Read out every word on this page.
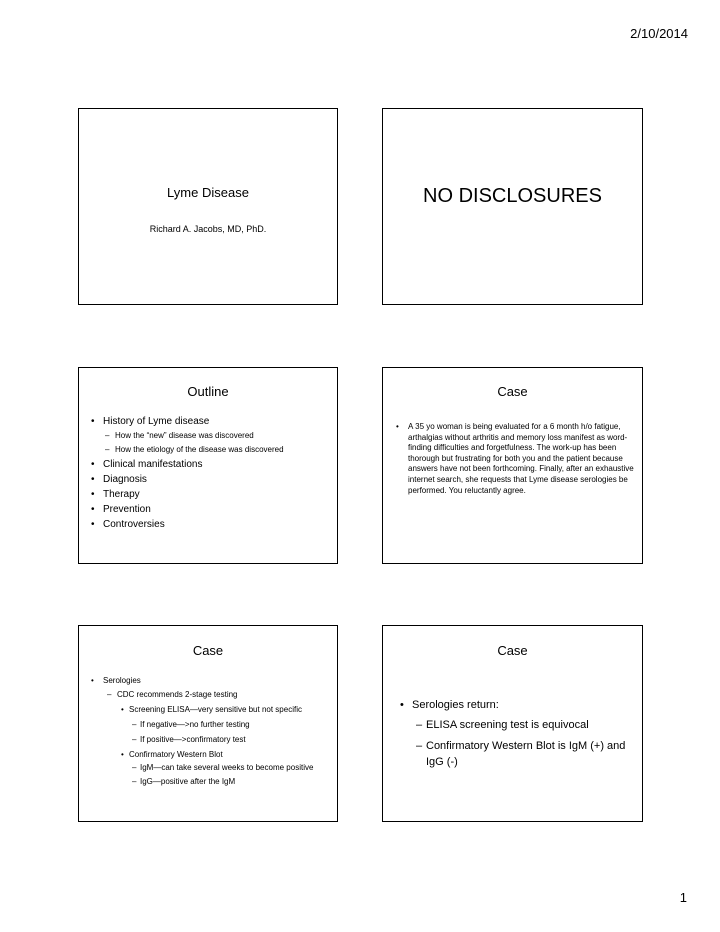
2/10/2014
Lyme Disease
Richard A. Jacobs, MD, PhD.
NO DISCLOSURES
Outline
• History of Lyme disease
– How the “new” disease was discovered
– How the etiology of the disease was discovered
• Clinical manifestations
• Diagnosis
• Therapy
• Prevention
• Controversies
Case
• A 35 yo woman is being evaluated for a 6 month h/o fatigue, arthalgias without arthritis and memory loss manifest as word-finding difficulties and forgetfulness. The work-up has been thorough but frustrating for both you and the patient because answers have not been forthcoming. Finally, after an exhaustive internet search, she requests that Lyme disease serologies be performed. You reluctantly agree.
Case
• Serologies
– CDC recommends 2-stage testing
• Screening ELISA—very sensitive but not specific
– If negative—>no further testing
– If positive—>confirmatory test
• Confirmatory Western Blot
– IgM—can take several weeks to become positive
– IgG—positive after the IgM
Case
• Serologies return:
– ELISA screening test is equivocal
– Confirmatory Western Blot is IgM (+) and IgG (-)
1
